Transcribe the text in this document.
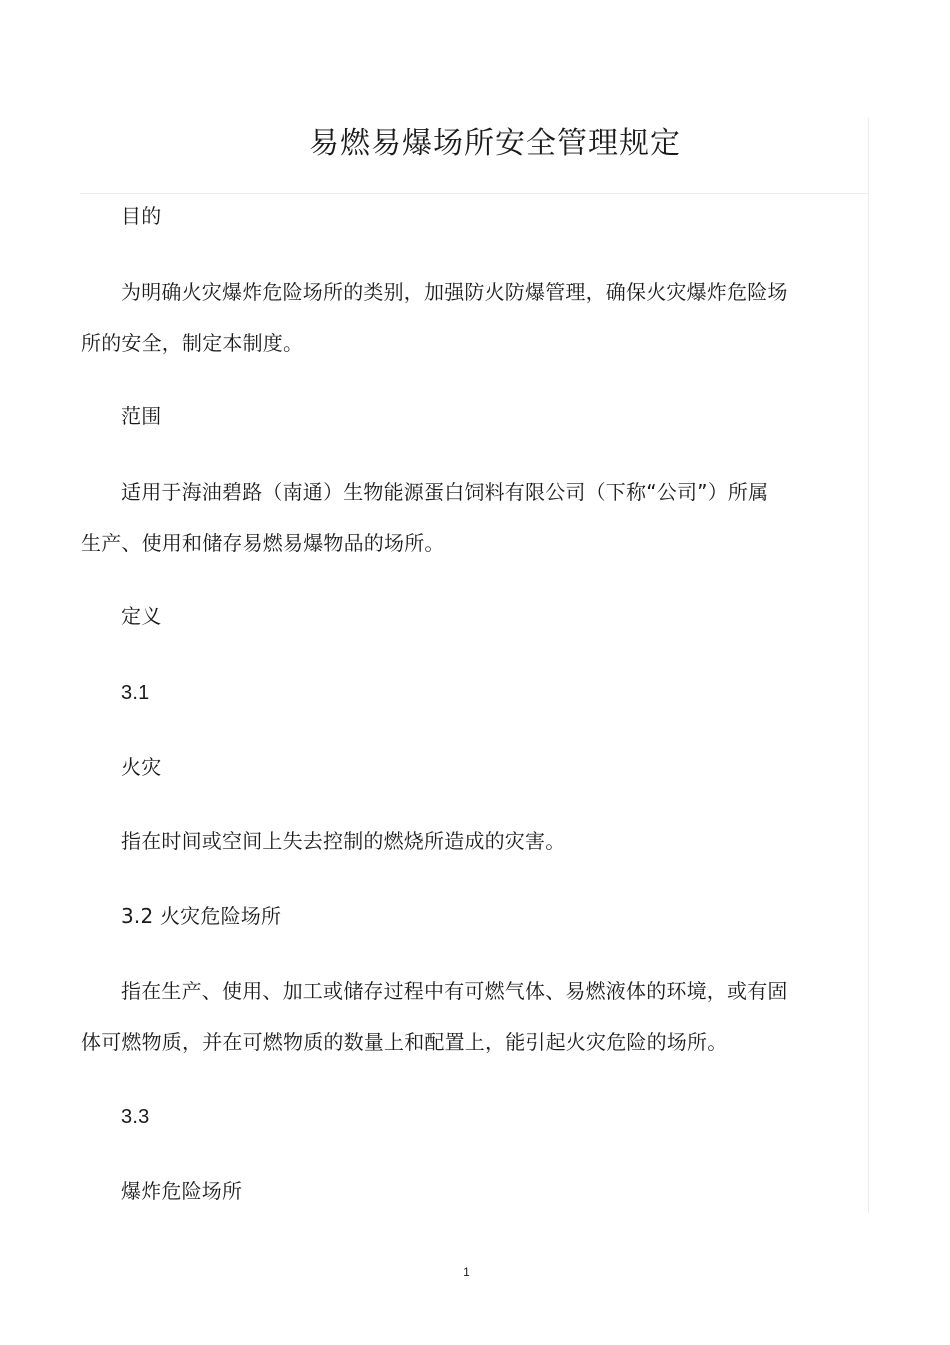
易燃易爆场所安全管理规定
目的
为明确火灾爆炸危险场所的类别，加强防火防爆管理，确保火灾爆炸危险场
所的安全，制定本制度。
范围
适用于海油碧路（南通）生物能源蛋白饲料有限公司（下称“公司”）所属
生产、使用和储存易燃易爆物品的场所。
定义
3.1
火灾
指在时间或空间上失去控制的燃烧所造成的灾害。
3.2 火灾危险场所
指在生产、使用、加工或储存过程中有可燃气体、易燃液体的环境，或有固
体可燃物质，并在可燃物质的数量上和配置上，能引起火灾危险的场所。
3.3
爆炸危险场所
1
